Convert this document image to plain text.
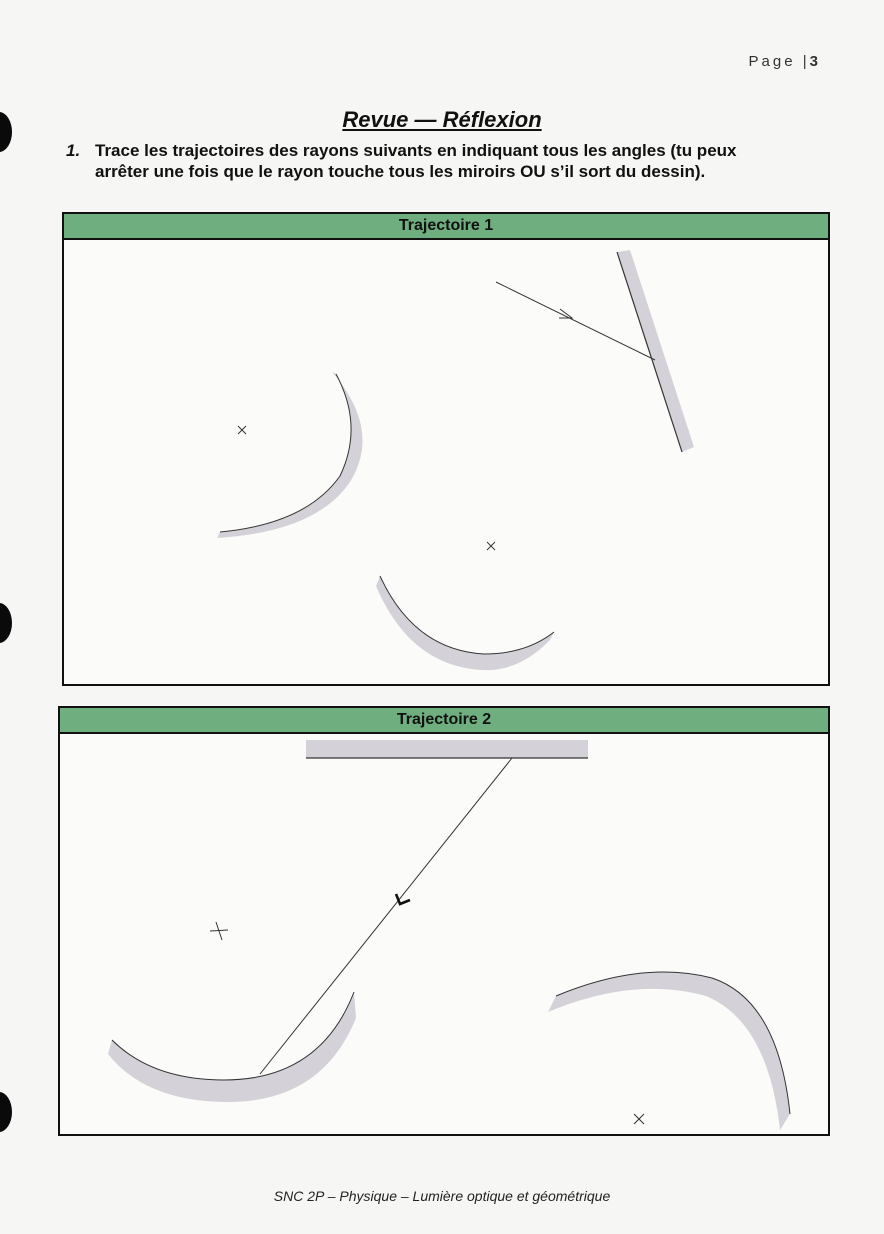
Page |3
Revue — Réflexion
1. Trace les trajectoires des rayons suivants en indiquant tous les angles (tu peux arrêter une fois que le rayon touche tous les miroirs OU s’il sort du dessin).
Trajectoire 1
Trajectoire 2
SNC 2P – Physique – Lumière optique et géométrique
